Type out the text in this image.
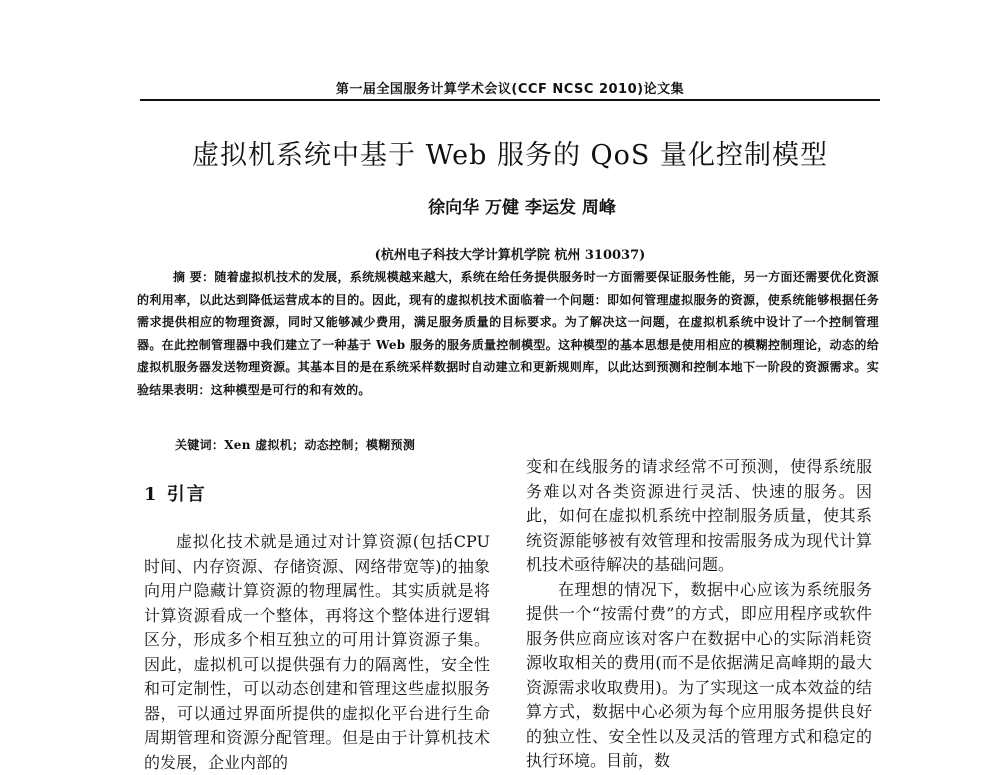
第一届全国服务计算学术会议(CCF NCSC 2010)论文集
虚拟机系统中基于 Web 服务的 QoS 量化控制模型
徐向华 万健 李运发 周峰
(杭州电子科技大学计算机学院 杭州 310037)

摘 要：随着虚拟机技术的发展，系统规模越来越大，系统在给任务提供服务时一方面需要保证服务性能，另一方面还需要优化资源的利用率，以此达到降低运营成本的目的。因此，现有的虚拟机技术面临着一个问题：即如何管理虚拟服务的资源，使系统能够根据任务需求提供相应的物理资源，同时又能够减少费用，满足服务质量的目标要求。为了解决这一问题，在虚拟机系统中设计了一个控制管理器。在此控制管理器中我们建立了一种基于 Web 服务的服务质量控制模型。这种模型的基本思想是使用相应的模糊控制理论，动态的给虚拟机服务器发送物理资源。其基本目的是在系统采样数据时自动建立和更新规则库，以此达到预测和控制本地下一阶段的资源需求。实验结果表明：这种模型是可行的和有效的。

关键词：Xen 虚拟机；动态控制；模糊预测
1 引言

虚拟化技术就是通过对计算资源(包括CPU 时间、内存资源、存储资源、网络带宽等)的抽象向用户隐藏计算资源的物理属性。其实质就是将计算资源看成一个整体，再将这个整体进行逻辑区分，形成多个相互独立的可用计算资源子集。因此，虚拟机可以提供强有力的隔离性，安全性和可定制性，可以动态创建和管理这些虚拟服务器，可以通过界面所提供的虚拟化平台进行生命周期管理和资源分配管理。但是由于计算机技术的发展，企业内部的

变和在线服务的请求经常不可预测，使得系统服务难以对各类资源进行灵活、快速的服务。因此，如何在虚拟机系统中控制服务质量，使其系统资源能够被有效管理和按需服务成为现代计算机技术亟待解决的基础问题。

在理想的情况下，数据中心应该为系统服务提供一个“按需付费”的方式，即应用程序或软件服务供应商应该对客户在数据中心的实际消耗资源收取相关的费用(而不是依据满足高峰期的最大资源需求收取费用)。为了实现这一成本效益的结算方式，数据中心必须为每个应用服务提供良好的独立性、安全性以及灵活的管理方式和稳定的执行环境。目前，数
